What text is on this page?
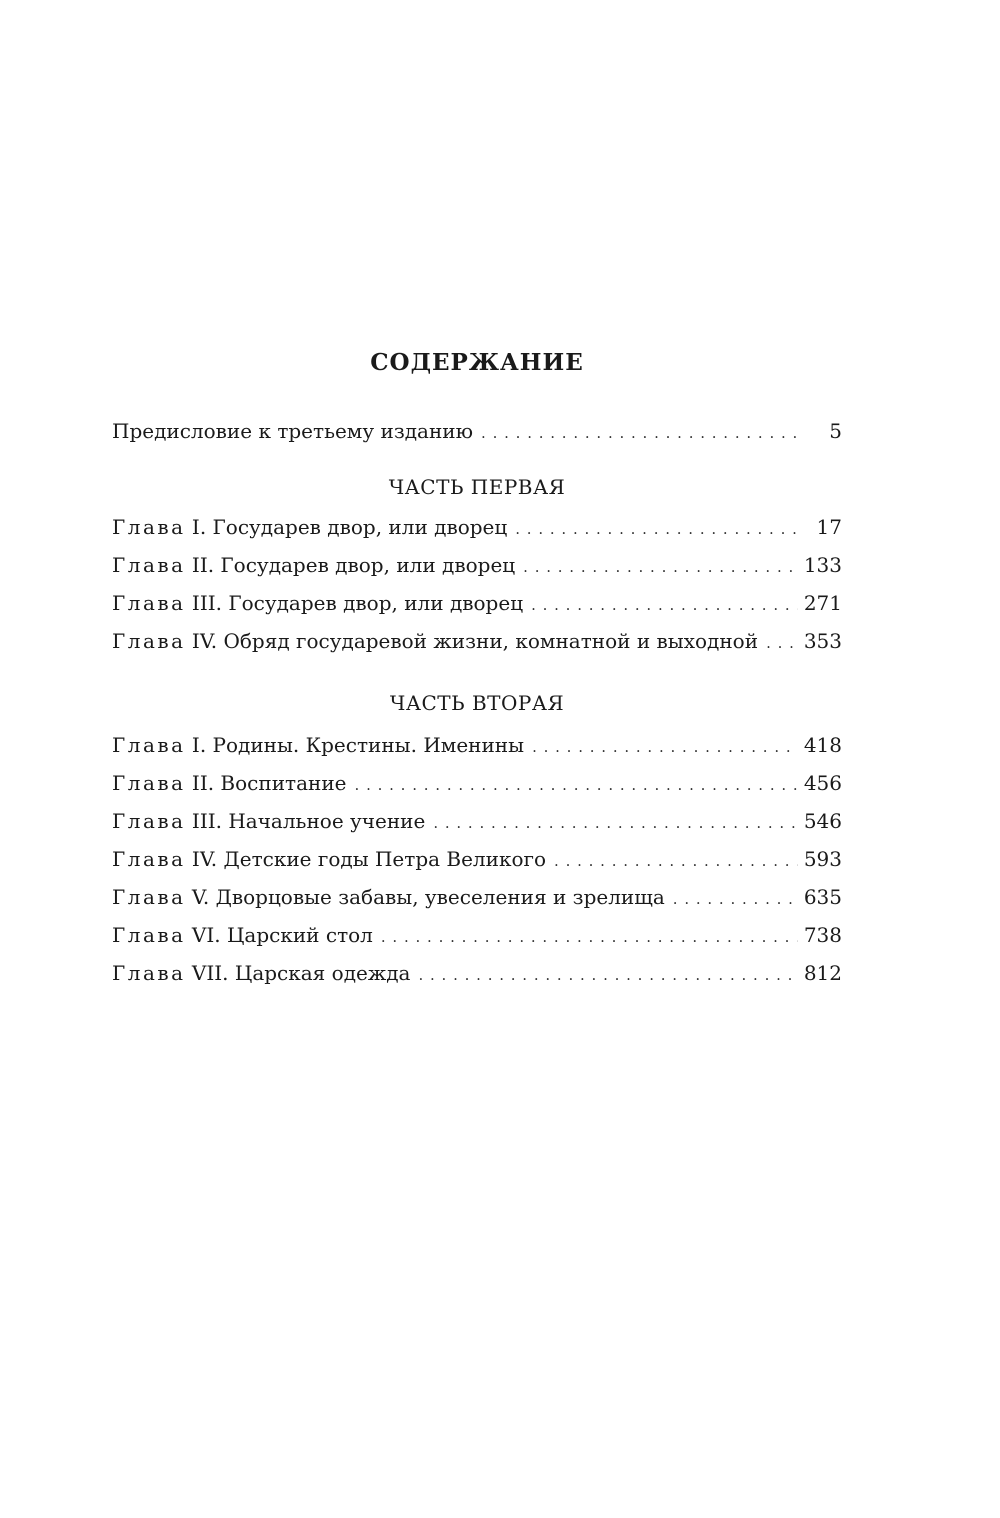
СОДЕРЖАНИЕ
Предисловие к третьему изданию . . .	5
ЧАСТЬ ПЕРВАЯ
Глава I. Государев двор, или дворец . . .	17
Глава II. Государев двор, или дворец . . .	133
Глава III. Государев двор, или дворец . . .	271
Глава IV. Обряд государевой жизни, комнатной и выходной . . . 353
ЧАСТЬ ВТОРАЯ
Глава I. Родины. Крестины. Именины . . .	418
Глава II. Воспитание . . .	456
Глава III. Начальное учение . . .	546
Глава IV. Детские годы Петра Великого . . .	593
Глава V. Дворцовые забавы, увеселения и зрелища . . .	635
Глава VI. Царский стол . . .	738
Глава VII. Царская одежда . . .	812
